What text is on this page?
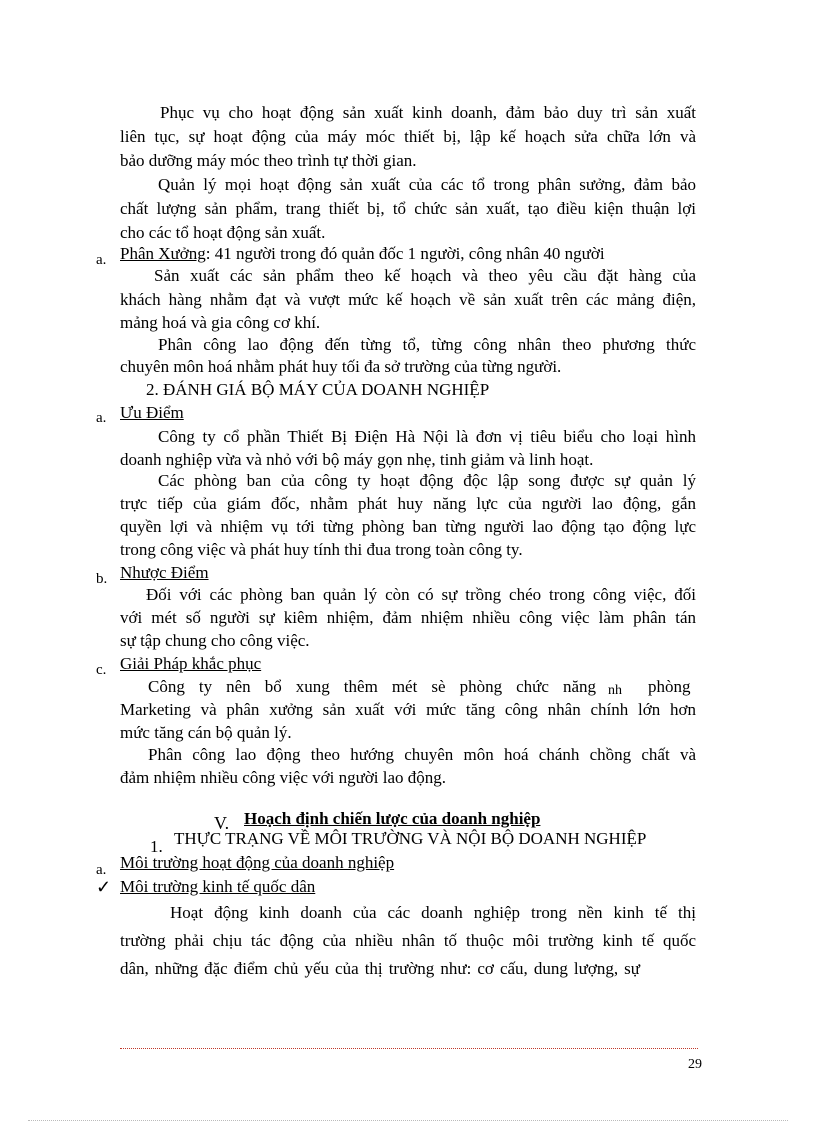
Phục vụ cho hoạt động sản xuất kinh doanh, đảm bảo duy trì sản xuất
liên tục, sự hoạt động của máy móc thiết bị, lập kế hoạch sửa chữa lớn và
bảo dưỡng máy móc theo trình tự thời gian.
Quản lý mọi hoạt động sản xuất của các tổ trong phân sưởng, đảm bảo
chất lượng sản phẩm, trang thiết bị, tổ chức sản xuất, tạo điều kiện thuận lợi
cho các tổ hoạt động sản xuất.
a. Phân Xưởng: 41 người trong đó quản đốc 1 người, công nhân 40 người
Sản xuất các sản phẩm theo kế hoạch và theo yêu cầu đặt hàng của
khách hàng nhằm đạt và vượt mức kế hoạch về sản xuất trên các mảng điện,
mảng hoá và gia công cơ khí.
Phân công lao động đến từng tổ, từng công nhân theo phương thức
chuyên môn hoá nhằm phát huy tối đa sở trường của từng người.
2. ĐÁNH GIÁ BỘ MÁY CỦA DOANH NGHIỆP
a. Ưu Điểm
Công ty cổ phần Thiết Bị Điện Hà Nội là đơn vị tiêu biểu cho loại hình
doanh nghiệp vừa và nhỏ với bộ máy gọn nhẹ, tinh giảm và linh hoạt.
Các phòng ban của công ty hoạt động độc lập song được sự quản lý
trực tiếp của giám đốc, nhằm phát huy năng lực của người lao động, gắn
quyền lợi và nhiệm vụ tới từng phòng ban từng người lao động tạo động lực
trong công việc và phát huy tính thi đua trong toàn công ty.
b. Nhược Điểm
Đối với các phòng ban quản lý còn có sự trồng chéo trong công việc, đối
với mét số người sự kiêm nhiệm, đảm nhiệm nhiều công việc làm phân tán
sự tập chung cho công việc.
c. Giải Pháp khắc phục
Công ty nên bổ xung thêm mét sè phòng chức năng nh phòng
Marketing và phân xưởng sản xuất với mức tăng công nhân chính lớn hơn
mức tăng cán bộ quản lý.
Phân công lao động theo hướng chuyên môn hoá chánh chồng chất và
đảm nhiệm nhiều công việc với người lao động.
V. Hoạch định chiến lược của doanh nghiệp
1. THỰC TRẠNG VỀ MÔI TRƯỜNG VÀ NỘI BỘ DOANH NGHIỆP
a. Môi trường hoạt động của doanh nghiệp
✓ Môi trường kinh tế quốc dân
Hoạt động kinh doanh của các doanh nghiệp trong nền kinh tế thị
trường phải chịu tác động của nhiều nhân tố thuộc môi trường kinh tế quốc
dân, những đặc điểm chủ yếu của thị trường như: cơ cấu, dung lượng, sự
29
